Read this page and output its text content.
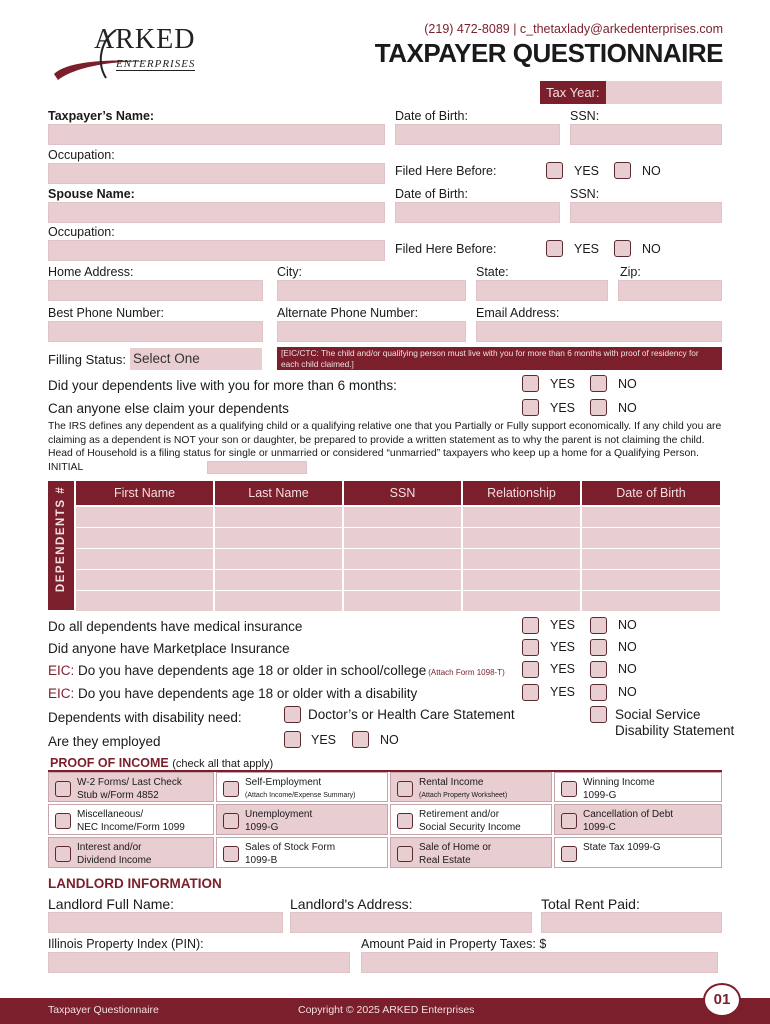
ARKED
ENTERPRISES
(219) 472-8089 | c_thetaxlady@arkedenterprises.com
TAXPAYER QUESTIONNAIRE
Tax Year:
Taxpayer’s Name:	Date of Birth:	SSN:
Occupation:
Filed Here Before:	YES	NO
Spouse Name:	Date of Birth:	SSN:
Occupation:
Filed Here Before:	YES	NO
Home Address:	City:	State:	Zip:
Best Phone Number:	Alternate Phone Number:	Email Address:
Filling Status: Select One	[EIC/CTC: The child and/or qualifying person must live with you for more than 6 months with proof of residency for each child claimed.]
Did your dependents live with you for more than 6 months:	YES	NO
Can anyone else claim your dependents	YES	NO
The IRS defines any dependent as a qualifying child or a qualifying relative one that you Partially or Fully support economically. If any child you are claiming as a dependent is NOT your son or daughter, be prepared to provide a written statement as to why the parent is not claiming the child. Head of Household is a filing status for single or unmarried or considered “unmarried” taxpayers who keep up a home for a Qualifying Person. INITIAL
DEPENDENTS #	First Name	Last Name	SSN	Relationship	Date of Birth
Do all dependents have medical insurance	YES	NO
Did anyone have Marketplace Insurance	YES	NO
EIC: Do you have dependents age 18 or older in school/college (Attach Form 1098-T)	YES	NO
EIC: Do you have dependents age 18 or older with a disability	YES	NO
Dependents with disability need:	Doctor’s or Health Care Statement	Social Service
Disability Statement
Are they employed	YES	NO
PROOF OF INCOME (check all that apply)
W-2 Forms/ Last Check
Stub w/Form 4852
Self-Employment
(Attach Income/Expense Summary)
Rental Income
(Attach Property Worksheet)
Winning Income
1099-G
Miscellaneous/
NEC Income/Form 1099
Unemployment
1099-G
Retirement and/or
Social Security Income
Cancellation of Debt
1099-C
Interest and/or
Dividend Income
Sales of Stock Form
1099-B
Sale of Home or
Real Estate
State Tax 1099-G
LANDLORD INFORMATION
Landlord Full Name:	Landlord's Address:	Total Rent Paid:
Illinois Property Index (PIN):	Amount Paid in Property Taxes: $
Taxpayer Questionnaire	Copyright © 2025 ARKED Enterprises
01
